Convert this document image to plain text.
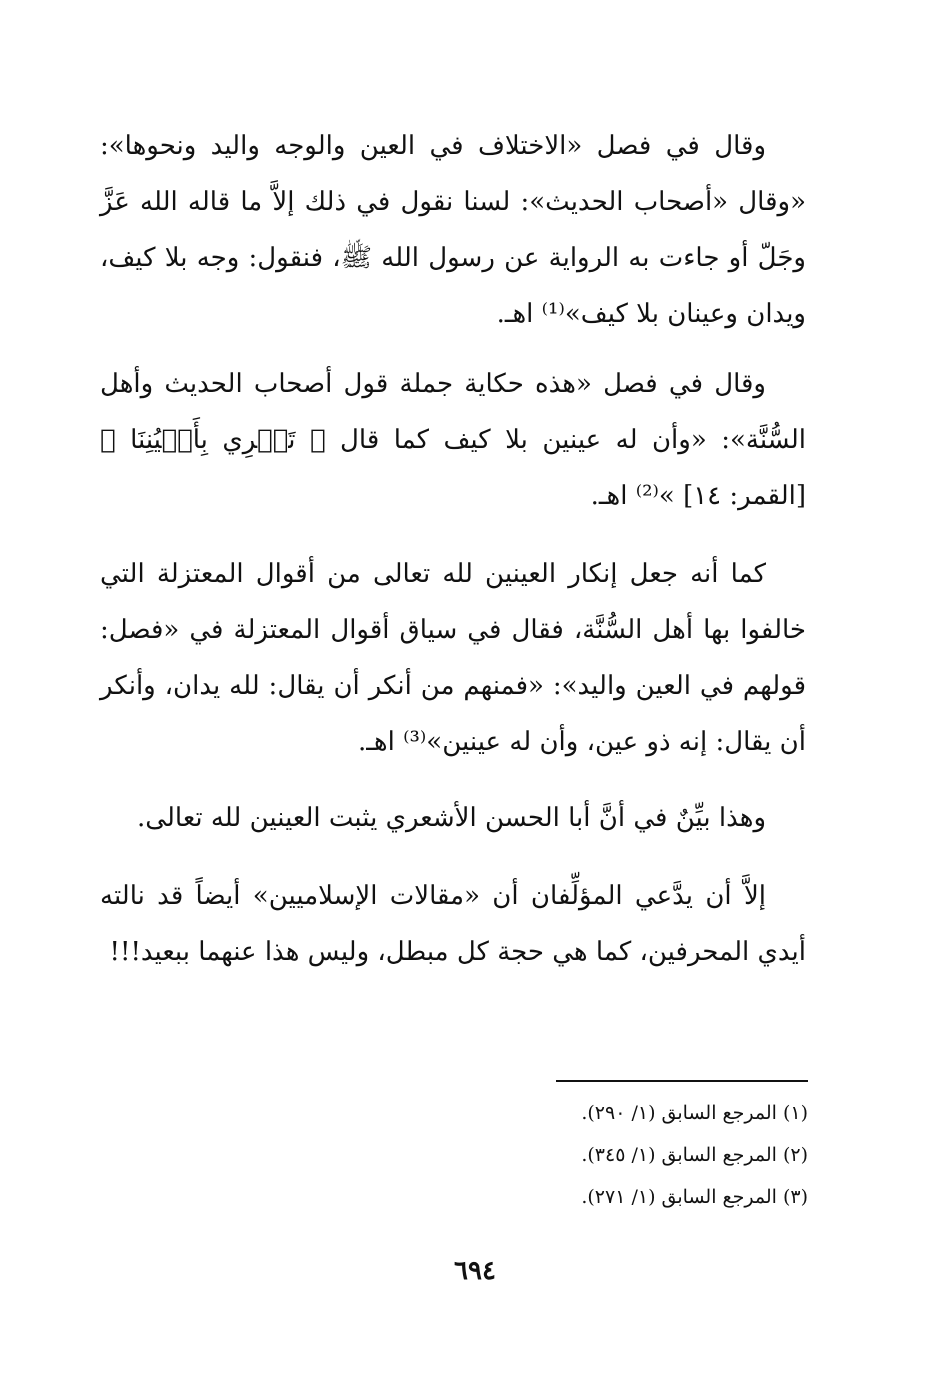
وقال في فصل «الاختلاف في العين والوجه واليد ونحوها»: «وقال «أصحاب الحديث»: لسنا نقول في ذلك إلاَّ ما قاله الله عَزَّ وجَلّ أو جاءت به الرواية عن رسول الله ﷺ، فنقول: وجه بلا كيف، ويدان وعينان بلا كيف»⁽¹⁾ اهـ.

وقال في فصل «هذه حكاية جملة قول أصحاب الحديث وأهل السُّنَّة»: «وأن له عينين بلا كيف كما قال ﴿ تَجۡرِي بِأَعۡيُنِنَا ﴾ [القمر: ١٤] »⁽²⁾ اهـ.

كما أنه جعل إنكار العينين لله تعالى من أقوال المعتزلة التي خالفوا بها أهل السُّنَّة، فقال في سياق أقوال المعتزلة في «فصل: قولهم في العين واليد»: «فمنهم من أنكر أن يقال: لله يدان، وأنكر أن يقال: إنه ذو عين، وأن له عينين»⁽³⁾ اهـ.

وهذا بيِّنٌ في أنَّ أبا الحسن الأشعري يثبت العينين لله تعالى.

إلاَّ أن يدَّعي المؤلِّفان أن «مقالات الإسلاميين» أيضاً قد نالته أيدي المحرفين، كما هي حجة كل مبطل، وليس هذا عنهما ببعيد!!!

(١) المرجع السابق (١/ ٢٩٠).
(٢) المرجع السابق (١/ ٣٤٥).
(٣) المرجع السابق (١/ ٢٧١).
٦٩٤
